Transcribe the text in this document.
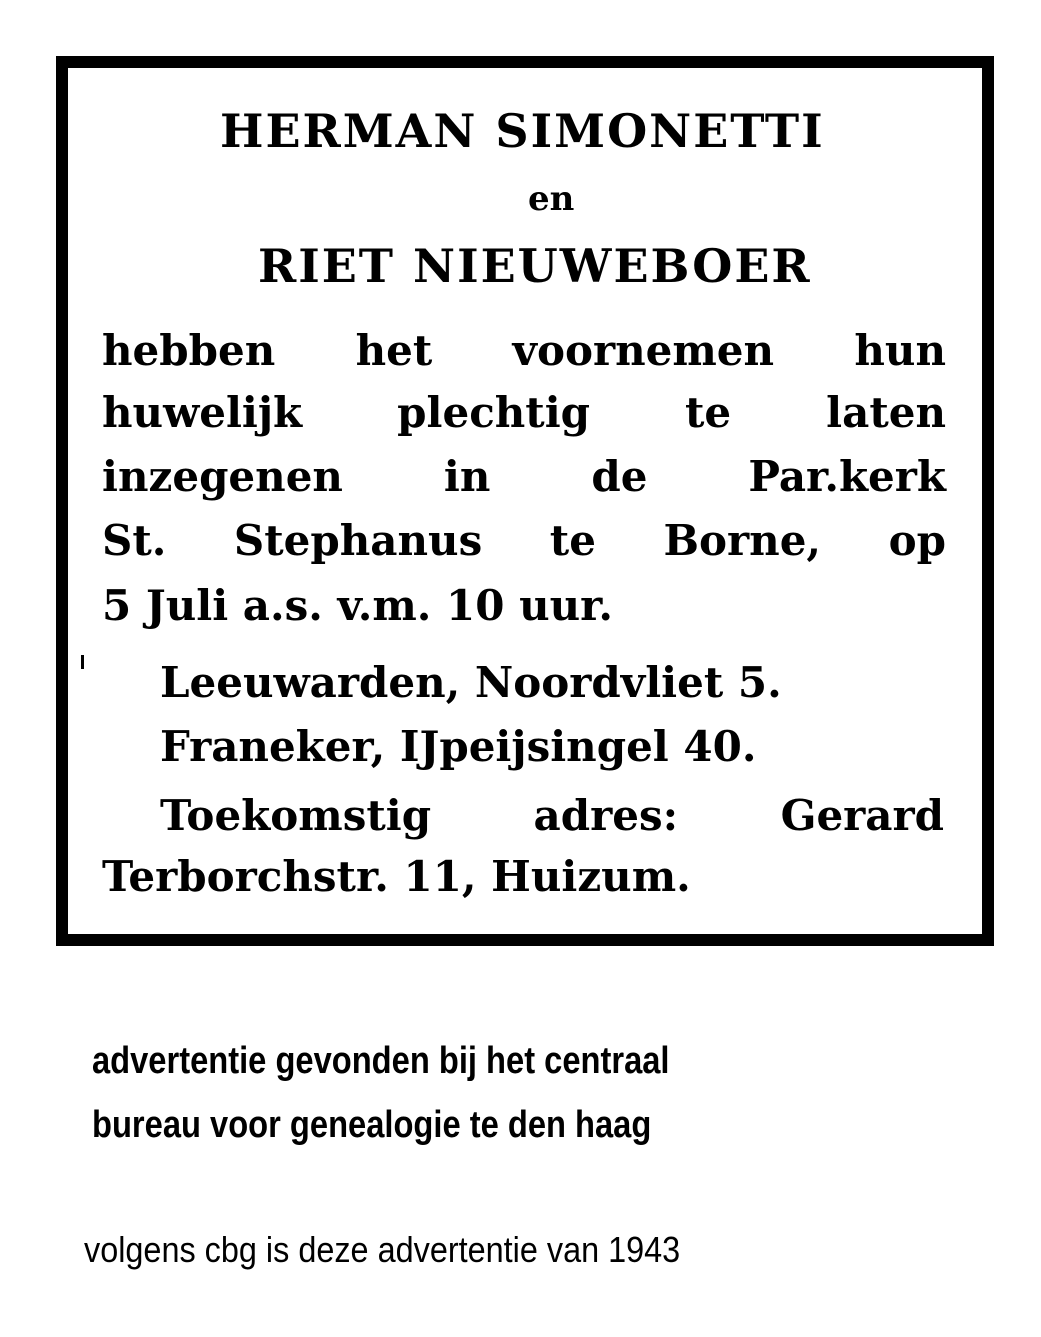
HERMAN SIMONETTI
en
RIET NIEUWEBOER
hebben het voornemen hun
huwelijk plechtig te laten
inzegenen in de Par.kerk
St. Stephanus te Borne, op
5 Juli a.s. v.m. 10 uur.
Leeuwarden, Noordvliet 5.
Franeker, IJpeijsingel 40.
Toekomstig adres: Gerard
Terborchstr. 11, Huizum.
advertentie gevonden bij het centraal
bureau voor genealogie te den haag
volgens cbg is deze advertentie van 1943
